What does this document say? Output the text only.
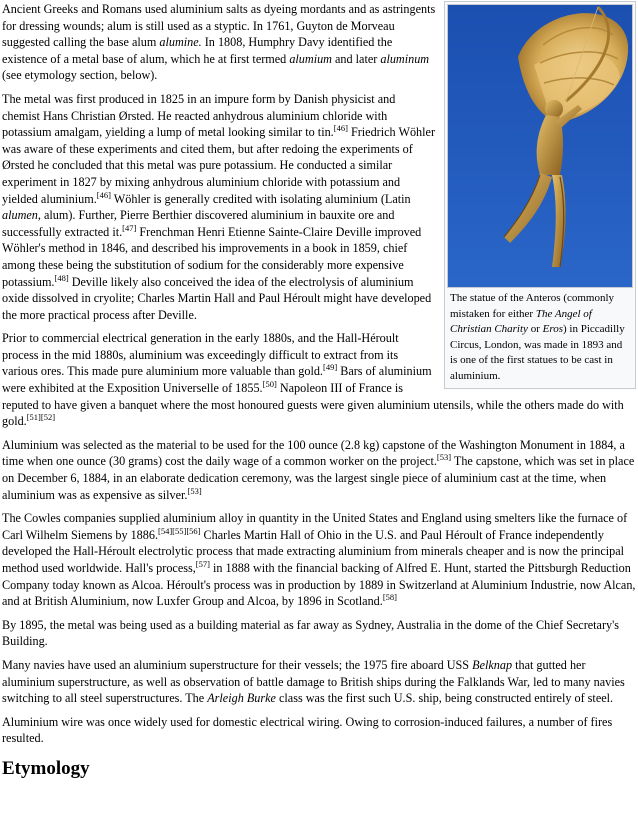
The statue of the Anteros (commonly mistaken for either The Angel of Christian Charity or Eros) in Piccadilly Circus, London, was made in 1893 and is one of the first statues to be cast in aluminium.

Ancient Greeks and Romans used aluminium salts as dyeing mordants and as astringents for dressing wounds; alum is still used as a styptic. In 1761, Guyton de Morveau suggested calling the base alum alumine. In 1808, Humphry Davy identified the existence of a metal base of alum, which he at first termed alumium and later aluminum (see etymology section, below).

The metal was first produced in 1825 in an impure form by Danish physicist and chemist Hans Christian Ørsted. He reacted anhydrous aluminium chloride with potassium amalgam, yielding a lump of metal looking similar to tin.[46] Friedrich Wöhler was aware of these experiments and cited them, but after redoing the experiments of Ørsted he concluded that this metal was pure potassium. He conducted a similar experiment in 1827 by mixing anhydrous aluminium chloride with potassium and yielded aluminium.[46] Wöhler is generally credited with isolating aluminium (Latin alumen, alum). Further, Pierre Berthier discovered aluminium in bauxite ore and successfully extracted it.[47] Frenchman Henri Etienne Sainte-Claire Deville improved Wöhler's method in 1846, and described his improvements in a book in 1859, chief among these being the substitution of sodium for the considerably more expensive potassium.[48] Deville likely also conceived the idea of the electrolysis of aluminium oxide dissolved in cryolite; Charles Martin Hall and Paul Héroult might have developed the more practical process after Deville.

Prior to commercial electrical generation in the early 1880s, and the Hall-Héroult process in the mid 1880s, aluminium was exceedingly difficult to extract from its various ores. This made pure aluminium more valuable than gold.[49] Bars of aluminium were exhibited at the Exposition Universelle of 1855.[50] Napoleon III of France is reputed to have given a banquet where the most honoured guests were given aluminium utensils, while the others made do with gold.[51][52]

Aluminium was selected as the material to be used for the 100 ounce (2.8 kg) capstone of the Washington Monument in 1884, a time when one ounce (30 grams) cost the daily wage of a common worker on the project.[53] The capstone, which was set in place on December 6, 1884, in an elaborate dedication ceremony, was the largest single piece of aluminium cast at the time, when aluminium was as expensive as silver.[53]

The Cowles companies supplied aluminium alloy in quantity in the United States and England using smelters like the furnace of Carl Wilhelm Siemens by 1886.[54][55][56] Charles Martin Hall of Ohio in the U.S. and Paul Héroult of France independently developed the Hall-Héroult electrolytic process that made extracting aluminium from minerals cheaper and is now the principal method used worldwide. Hall's process,[57] in 1888 with the financial backing of Alfred E. Hunt, started the Pittsburgh Reduction Company today known as Alcoa. Héroult's process was in production by 1889 in Switzerland at Aluminium Industrie, now Alcan, and at British Aluminium, now Luxfer Group and Alcoa, by 1896 in Scotland.[58]

By 1895, the metal was being used as a building material as far away as Sydney, Australia in the dome of the Chief Secretary's Building.

Many navies have used an aluminium superstructure for their vessels; the 1975 fire aboard USS Belknap that gutted her aluminium superstructure, as well as observation of battle damage to British ships during the Falklands War, led to many navies switching to all steel superstructures. The Arleigh Burke class was the first such U.S. ship, being constructed entirely of steel.

Aluminium wire was once widely used for domestic electrical wiring. Owing to corrosion-induced failures, a number of fires resulted.

Etymology
